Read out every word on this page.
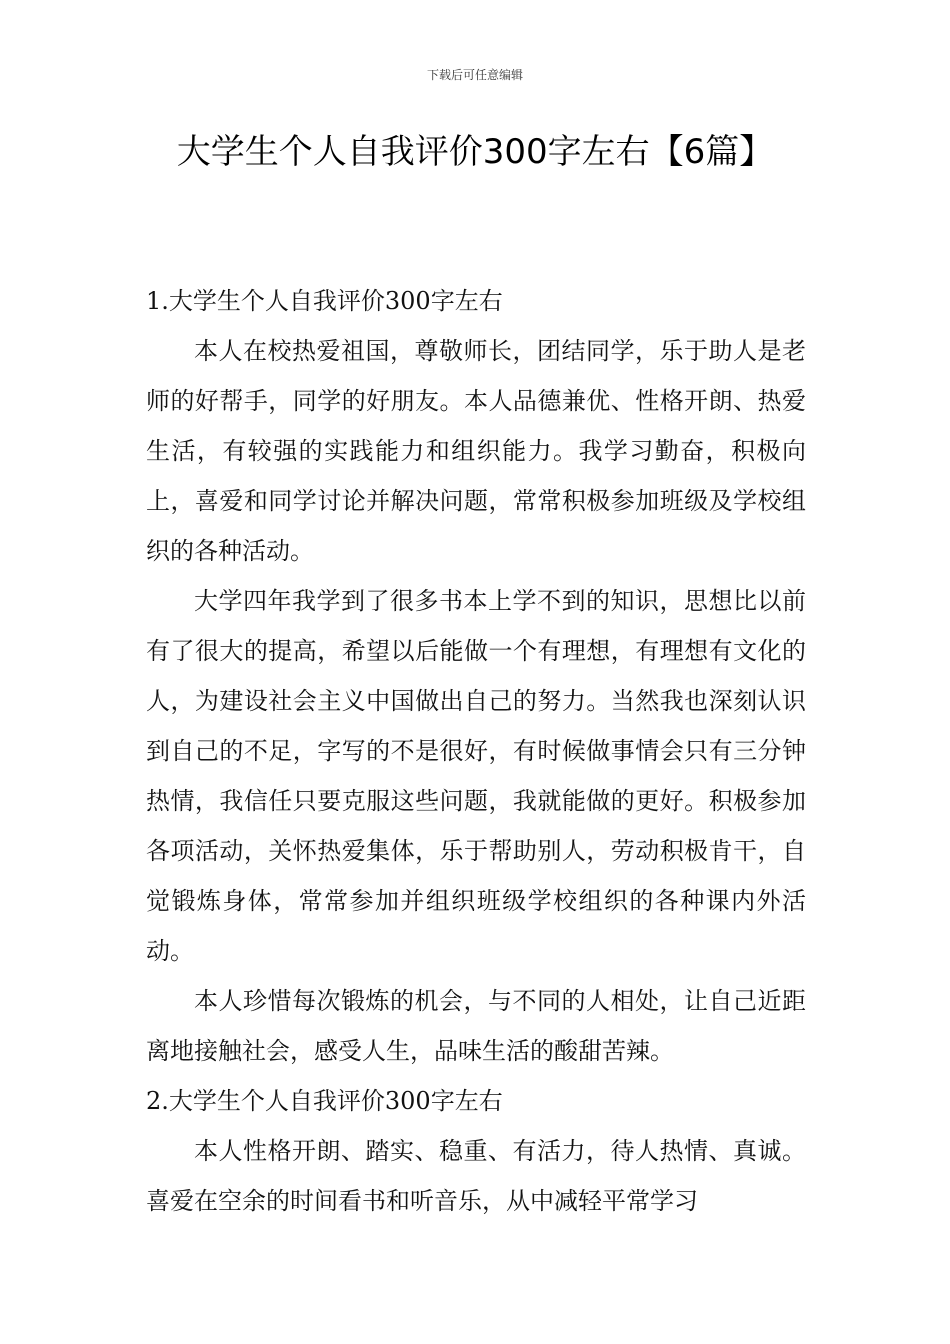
下载后可任意编辑
大学生个人自我评价300字左右【6篇】
1.大学生个人自我评价300字左右

本人在校热爱祖国，尊敬师长，团结同学，乐于助人是老师的好帮手，同学的好朋友。本人品德兼优、性格开朗、热爱生活，有较强的实践能力和组织能力。我学习勤奋，积极向上，喜爱和同学讨论并解决问题，常常积极参加班级及学校组织的各种活动。

大学四年我学到了很多书本上学不到的知识，思想比以前有了很大的提高，希望以后能做一个有理想，有理想有文化的人，为建设社会主义中国做出自己的努力。当然我也深刻认识到自己的不足，字写的不是很好，有时候做事情会只有三分钟热情，我信任只要克服这些问题，我就能做的更好。积极参加各项活动，关怀热爱集体，乐于帮助别人，劳动积极肯干，自觉锻炼身体，常常参加并组织班级学校组织的各种课内外活动。

本人珍惜每次锻炼的机会，与不同的人相处，让自己近距离地接触社会，感受人生，品味生活的酸甜苦辣。

2.大学生个人自我评价300字左右

本人性格开朗、踏实、稳重、有活力，待人热情、真诚。喜爱在空余的时间看书和听音乐，从中减轻平常学习
